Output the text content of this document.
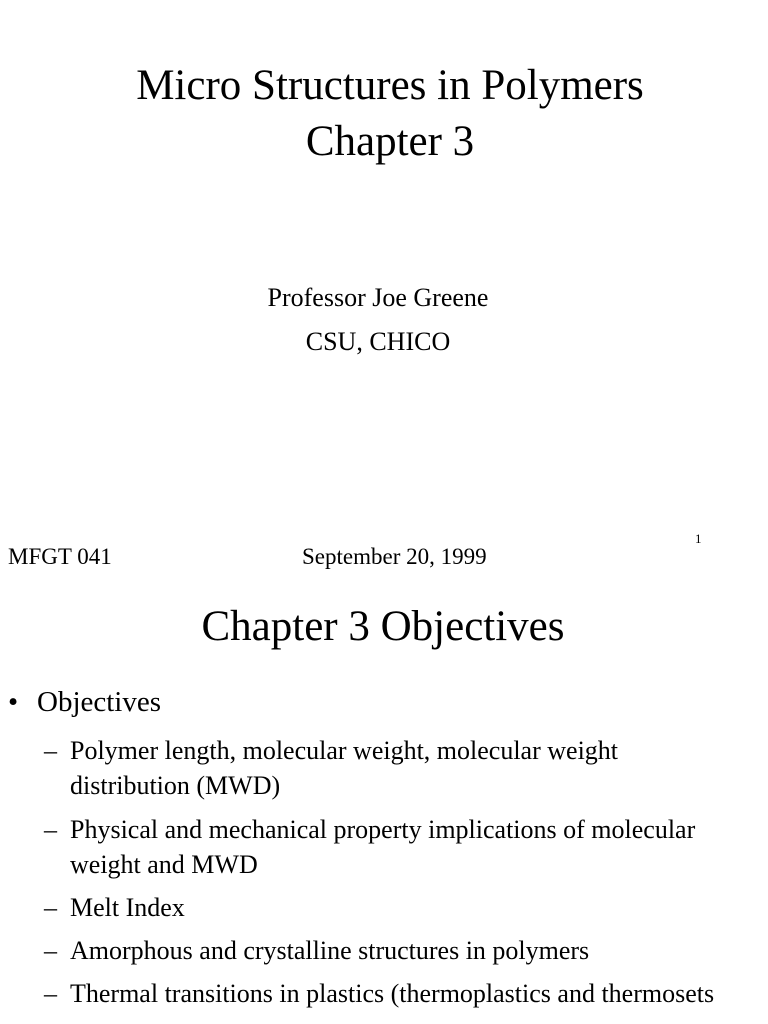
Micro Structures in Polymers
Chapter 3
Professor Joe Greene
CSU, CHICO
MFGT 041	September 20, 1999
1
Chapter 3 Objectives
• Objectives
– Polymer length, molecular weight, molecular weight distribution (MWD)
– Physical and mechanical property implications of molecular weight and MWD
– Melt Index
– Amorphous and crystalline structures in polymers
– Thermal transitions in plastics (thermoplastics and thermosets
